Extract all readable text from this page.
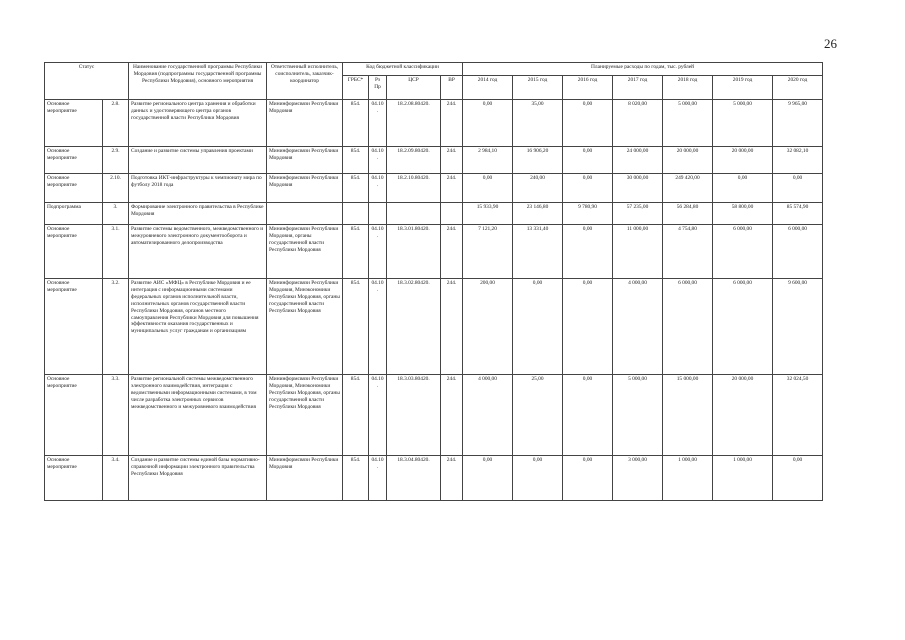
26
Статус		Наименование государственной программы Республики Мордовия (подпрограммы государственной программы Республики Мордовия), основного мероприятия	Ответственный исполнитель, соисполнитель, заказчик-координатор	Код бюджетной классификации				Планируемые расходы по годам, тыс. рублей						
				ГРБС*	Рз Пр	ЦСР	ВР	2014 год	2015 год	2016 год	2017 год	2018 год	2019 год	2020 год
Основное мероприятие	2.8.	Развитие регионального центра хранения и обработки данных и удостоверяющего центра органов государственной власти Республики Мордовия	Мининформсвязи Республики Мордовия	854.	04.10.	18.2.08.80420.	244.	0,00	35,00	0,00	8 020,00	5 000,00	5 000,00	9 965,00
Основное мероприятие	2.9.	Создание и развитие системы управления проектами	Мининформсвязи Республики Мордовия	854.	04.10.	18.2.09.80420.	244.	2 984,10	16 906,20	0,00	24 000,00	20 000,00	20 000,00	32 082,10
Основное мероприятие	2.10.	Подготовка ИКТ-инфраструктуры к чемпионату мира по футболу 2018 года	Мининформсвязи Республики Мордовия	854.	04.10.	18.2.10.80420.	244.	0,00	240,00	0,00	30 000,00	249 420,00	0,00	0,00
Подпрограмма	3.	Формирование электронного правительства в Республике Мордовия						15 933,90	23 146,80	9 780,90	57 235,00	56 284,80	58 800,00	85 574,90
Основное мероприятие	3.1.	Развитие системы ведомственного, межведомственного и межуровневого электронного документооборота и автоматизированного делопроизводства	Мининформсвязи Республики Мордовия, органы государственной власти Республики Мордовия	854.	04.10.	18.3.01.80420.	244.	7 121,20	13 331,40	0,00	11 000,00	4 754,80	6 000,00	6 000,00
Основное мероприятие	3.2.	Развитие АИС «МФЦ» в Республике Мордовия и ее интеграция с информационными системами федеральных органов исполнительной власти, исполнительных органов государственной власти Республики Мордовия, органов местного самоуправления Республики Мордовия для повышения эффективности оказания государственных и муниципальных услуг гражданам и организациям	Мининформсвязи Республики Мордовия, Минэкономики Республики Мордовия, органы государственной власти Республики Мордовия	854.	04.10.	18.3.02.80420.	244.	200,00	0,00	0,00	4 000,00	6 000,00	6 000,00	9 600,00
Основное мероприятие	3.3.	Развитие региональной системы межведомственного электронного взаимодействия, интеграция с ведомственными информационными системами, в том числе разработка электронных сервисов межведомственного и межуровневого взаимодействия	Мининформсвязи Республики Мордовия, Минэкономики Республики Мордовия, органы государственной власти Республики Мордовия	854.	04.10.	18.3.03.80420.	244.	4 000,00	25,00	0,00	5 000,00	15 000,00	20 000,00	32 024,50
Основное мероприятие	3.4.	Создание и развитие системы единой базы нормативно-справочной информации электронного правительства Республики Мордовия	Мининформсвязи Республики Мордовия	854.	04.10.	18.3.04.80420.	244.	0,00	0,00	0,00	3 000,00	1 000,00	1 000,00	0,00
